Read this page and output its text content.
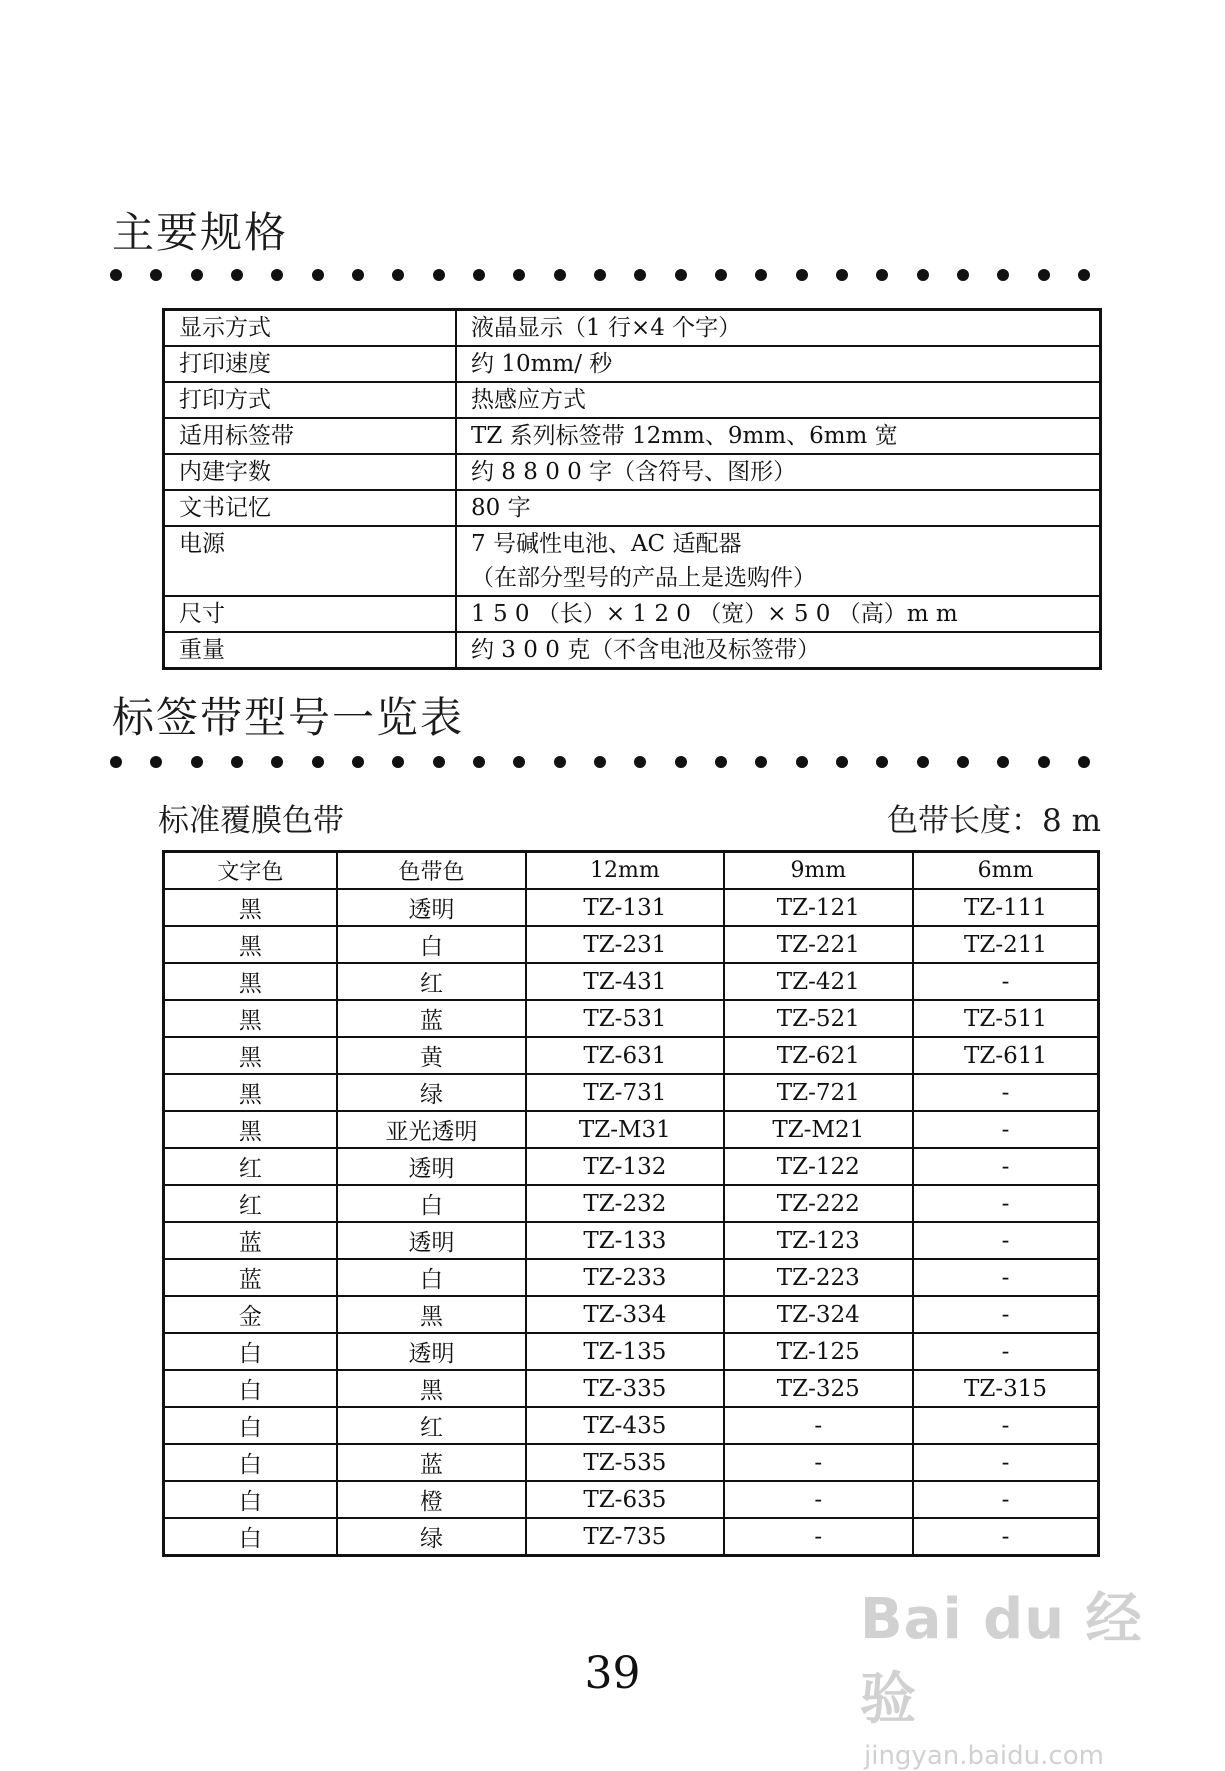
主要规格
显示方式	液晶显示（1 行×4 个字）

打印速度	约 10mm/ 秒

打印方式	热感应方式

适用标签带	TZ 系列标签带 12mm、9mm、6mm 宽

内建字数	约 8 8 0 0 字（含符号、图形）

文书记忆	80 字

电源	7 号碱性电池、AC 适配器
（在部分型号的产品上是选购件）

尺寸	1 5 0 （长）× 1 2 0 （宽）× 5 0 （高）m m

重量	约 3 0 0 克（不含电池及标签带）
标签带型号一览表

标准覆膜色带	色带长度：8 m

文字色	色带色	12mm	9mm	6mm
黑	透明	TZ-131	TZ-121	TZ-111
黑	白	TZ-231	TZ-221	TZ-211
黑	红	TZ-431	TZ-421	-
黑	蓝	TZ-531	TZ-521	TZ-511
黑	黄	TZ-631	TZ-621	TZ-611
黑	绿	TZ-731	TZ-721	-
黑	亚光透明	TZ-M31	TZ-M21	-
红	透明	TZ-132	TZ-122	-
红	白	TZ-232	TZ-222	-
蓝	透明	TZ-133	TZ-123	-
蓝	白	TZ-233	TZ-223	-
金	黑	TZ-334	TZ-324	-
白	透明	TZ-135	TZ-125	-
白	黑	TZ-335	TZ-325	TZ-315
白	红	TZ-435	-	-
白	蓝	TZ-535	-	-
白	橙	TZ-635	-	-
白	绿	TZ-735	-	-
39
Bai du 经验
jingyan.baidu.com
